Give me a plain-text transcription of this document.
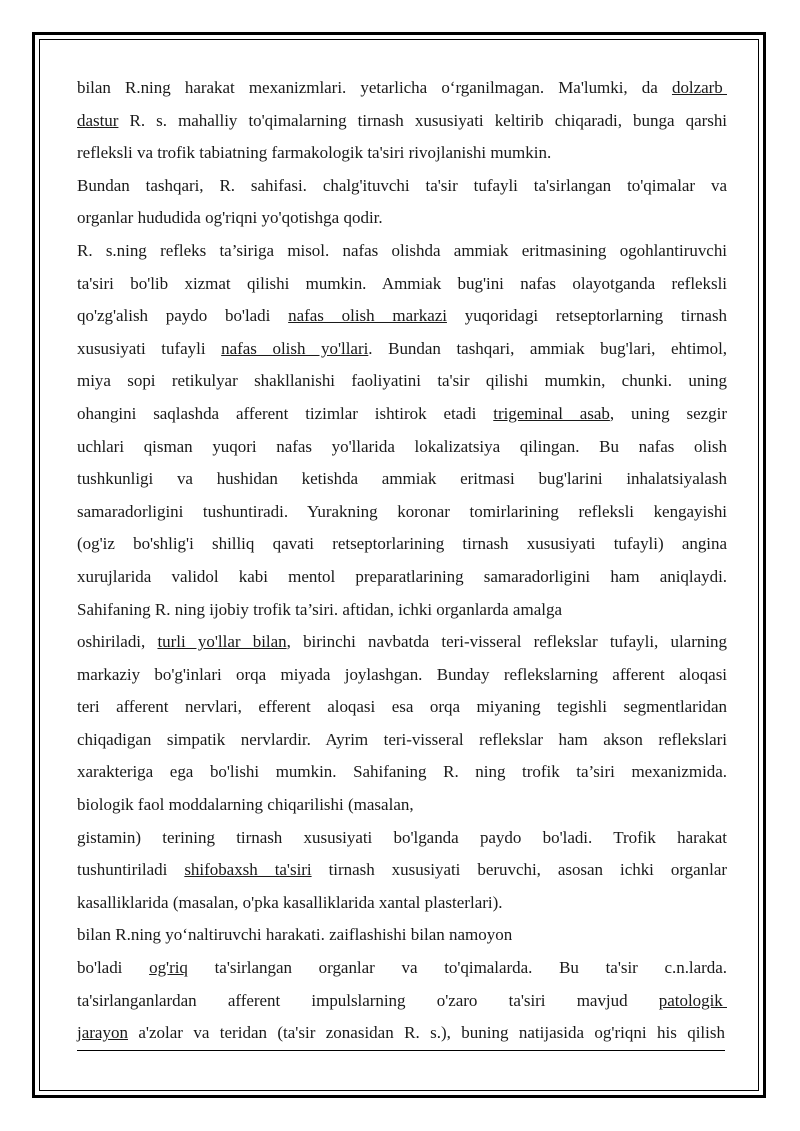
bilan R.ning harakat mexanizmlari. yetarlicha o‘rganilmagan. Ma'lumki, da dolzarb
dastur R. s. mahalliy to'qimalarning tirnash xususiyati keltirib chiqaradi, bunga qarshi
refleksli va trofik tabiatning farmakologik ta'siri rivojlanishi mumkin.
Bundan tashqari, R. sahifasi. chalg'ituvchi ta'sir tufayli ta'sirlangan to'qimalar va
organlar hududida og'riqni yo'qotishga qodir.
R. s.ning refleks ta’siriga misol. nafas olishda ammiak eritmasining ogohlantiruvchi
ta'siri bo'lib xizmat qilishi mumkin. Ammiak bug'ini nafas olayotganda refleksli
qo'zg'alish paydo bo'ladi nafas olish markazi yuqoridagi retseptorlarning tirnash
xususiyati tufayli nafas olish yo'llari. Bundan tashqari, ammiak bug'lari, ehtimol,
miya sopi retikulyar shakllanishi faoliyatini ta'sir qilishi mumkin, chunki. uning
ohangini saqlashda afferent tizimlar ishtirok etadi trigeminal asab, uning sezgir
uchlari qisman yuqori nafas yo'llarida lokalizatsiya qilingan. Bu nafas olish
tushkunligi va hushidan ketishda ammiak eritmasi bug'larini inhalatsiyalash
samaradorligini tushuntiradi. Yurakning koronar tomirlarining refleksli kengayishi
(og'iz bo'shlig'i shilliq qavati retseptorlarining tirnash xususiyati tufayli) angina
xurujlarida validol kabi mentol preparatlarining samaradorligini ham aniqlaydi.
Sahifaning R. ning ijobiy trofik ta’siri. aftidan, ichki organlarda amalga
oshiriladi, turli yo'llar bilan, birinchi navbatda teri-visseral reflekslar tufayli, ularning
markaziy bo'g'inlari orqa miyada joylashgan. Bunday reflekslarning afferent aloqasi
teri afferent nervlari, efferent aloqasi esa orqa miyaning tegishli segmentlaridan
chiqadigan simpatik nervlardir. Ayrim teri-visseral reflekslar ham akson reflekslari
xarakteriga ega bo'lishi mumkin. Sahifaning R. ning trofik ta’siri mexanizmida.
biologik faol moddalarning chiqarilishi (masalan,
gistamin) terining tirnash xususiyati bo'lganda paydo bo'ladi. Trofik harakat
tushuntiriladi shifobaxsh ta'siri tirnash xususiyati beruvchi, asosan ichki organlar
kasalliklarida (masalan, o'pka kasalliklarida xantal plasterlari).
bilan R.ning yo‘naltiruvchi harakati. zaiflashishi bilan namoyon
bo'ladi og'riq ta'sirlangan organlar va to'qimalarda. Bu ta'sir c.n.larda.
ta'sirlanganlardan afferent impulslarning o'zaro ta'siri mavjud patologik
jarayon a'zolar va teridan (ta'sir zonasidan R. s.), buning natijasida og'riqni his qilish
